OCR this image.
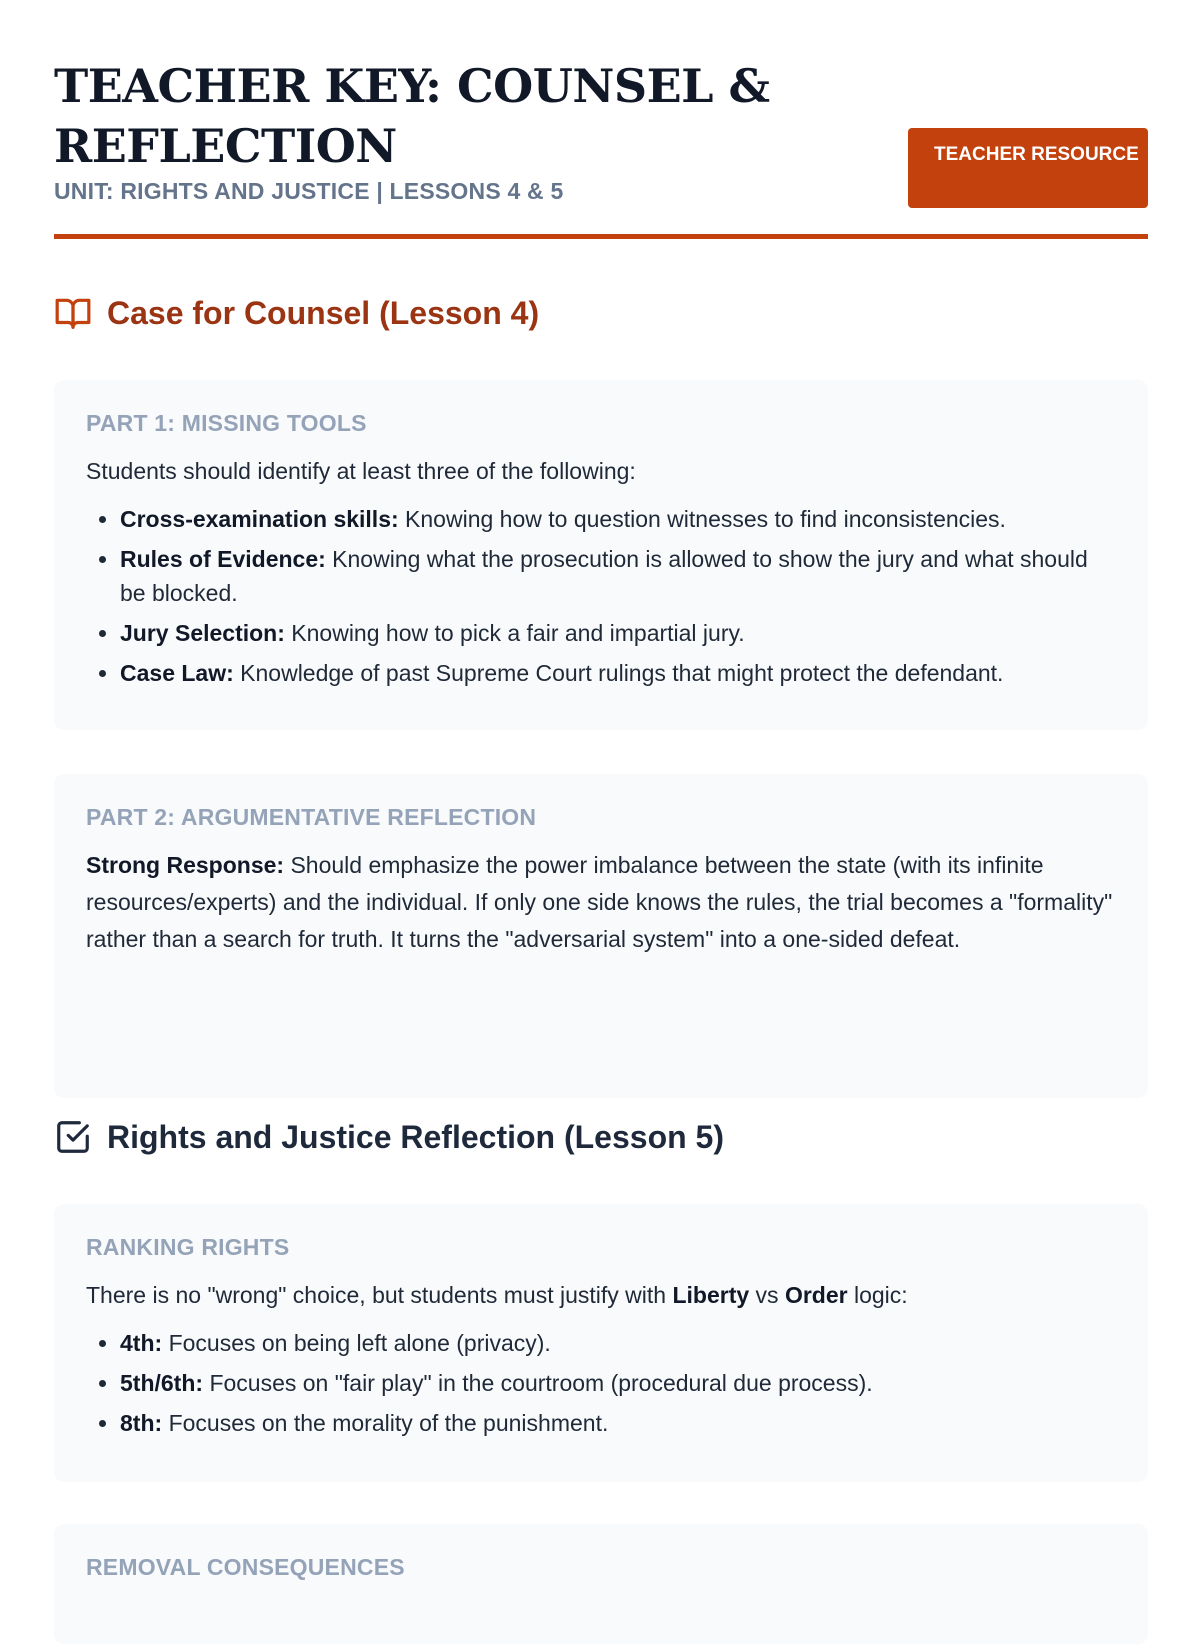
TEACHER KEY: COUNSEL & REFLECTION
UNIT: RIGHTS AND JUSTICE | LESSONS 4 & 5
TEACHER RESOURCE
Case for Counsel (Lesson 4)
PART 1: MISSING TOOLS

Students should identify at least three of the following:

• Cross-examination skills: Knowing how to question witnesses to find inconsistencies.
• Rules of Evidence: Knowing what the prosecution is allowed to show the jury and what should be blocked.
• Jury Selection: Knowing how to pick a fair and impartial jury.
• Case Law: Knowledge of past Supreme Court rulings that might protect the defendant.
PART 2: ARGUMENTATIVE REFLECTION

Strong Response: Should emphasize the power imbalance between the state (with its infinite resources/experts) and the individual. If only one side knows the rules, the trial becomes a "formality" rather than a search for truth. It turns the "adversarial system" into a one-sided defeat.

Rights and Justice Reflection (Lesson 5)
RANKING RIGHTS

There is no "wrong" choice, but students must justify with Liberty vs Order logic:

• 4th: Focuses on being left alone (privacy).
• 5th/6th: Focuses on "fair play" in the courtroom (procedural due process).
• 8th: Focuses on the morality of the punishment.
REMOVAL CONSEQUENCES
